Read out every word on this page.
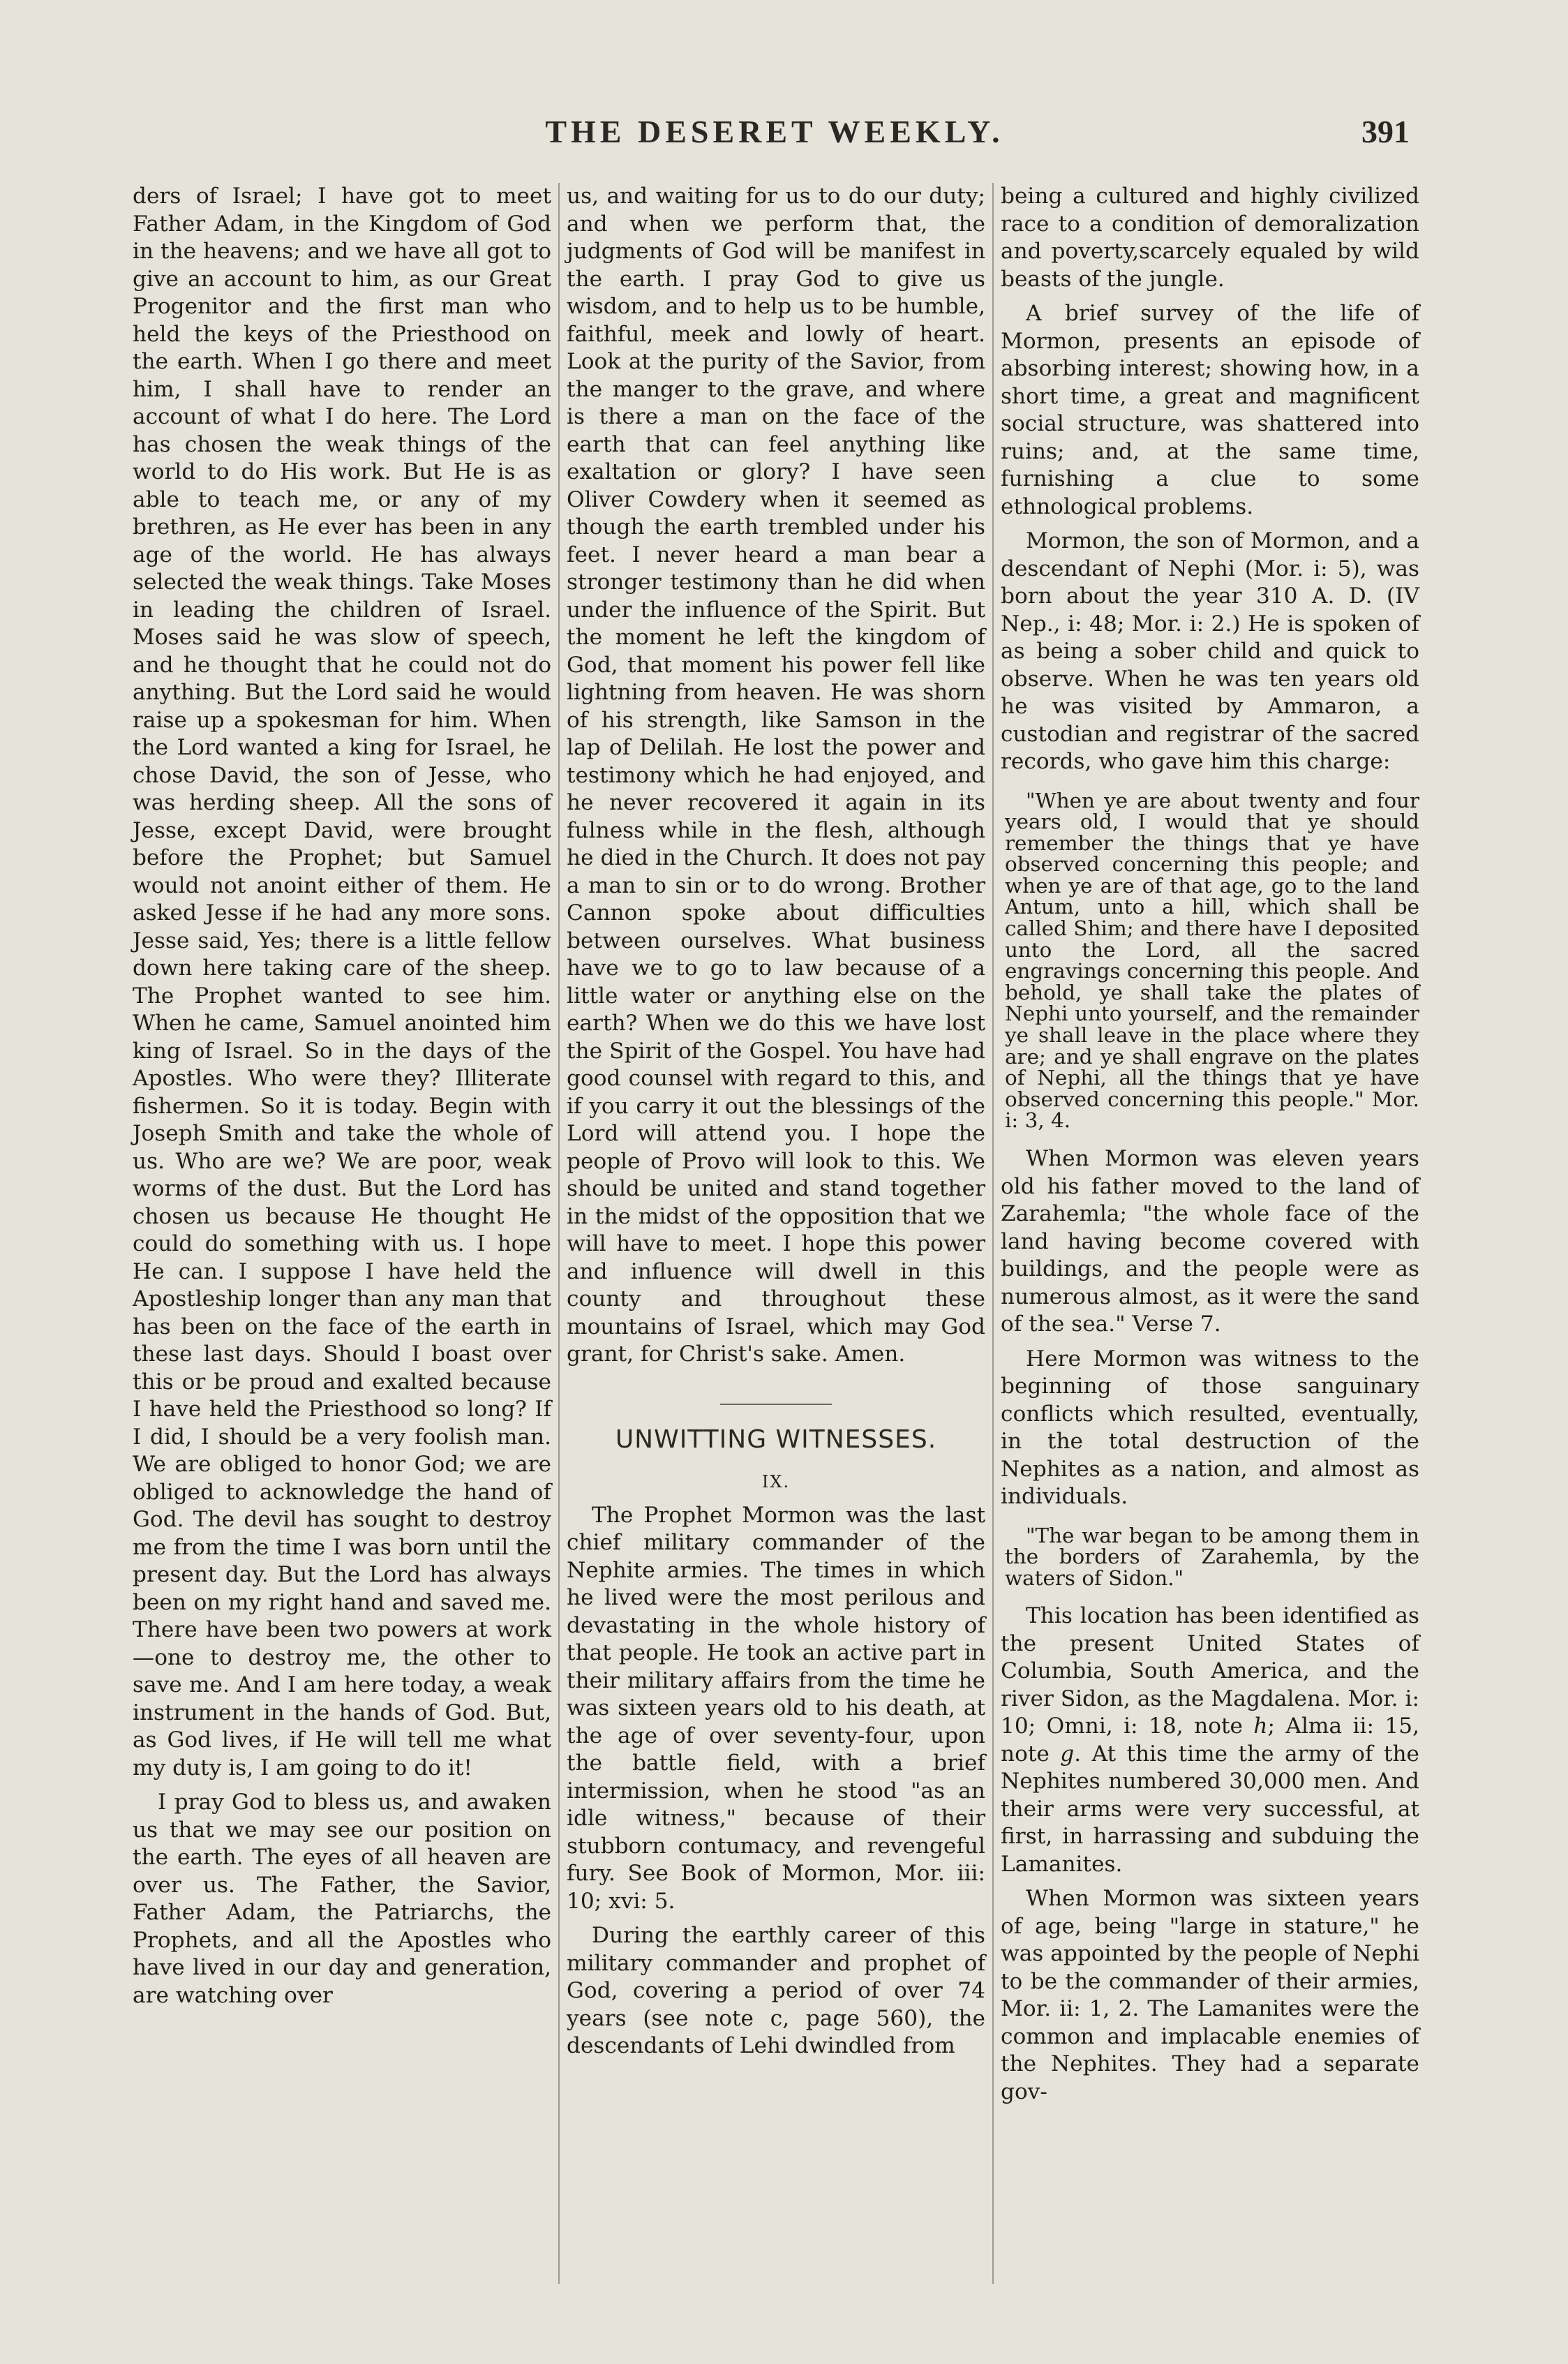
THE DESERET WEEKLY.	391

ders of Israel; I have got to meet Father Adam, in the Kingdom of God in the heavens; and we have all got to give an account to him, as our Great Progenitor and the first man who held the keys of the Priesthood on the earth. When I go there and meet him, I shall have to render an account of what I do here. The Lord has chosen the weak things of the world to do His work. But He is as able to teach me, or any of my brethren, as He ever has been in any age of the world. He has always selected the weak things. Take Moses in leading the children of Israel. Moses said he was slow of speech, and he thought that he could not do anything. But the Lord said he would raise up a spokesman for him. When the Lord wanted a king for Israel, he chose David, the son of Jesse, who was herding sheep. All the sons of Jesse, except David, were brought before the Prophet; but Samuel would not anoint either of them. He asked Jesse if he had any more sons. Jesse said, Yes; there is a little fellow down here taking care of the sheep. The Prophet wanted to see him. When he came, Samuel anointed him king of Israel. So in the days of the Apostles. Who were they? Illiterate fishermen. So it is today. Begin with Joseph Smith and take the whole of us. Who are we? We are poor, weak worms of the dust. But the Lord has chosen us because He thought He could do something with us. I hope He can. I suppose I have held the Apostleship longer than any man that has been on the face of the earth in these last days. Should I boast over this or be proud and exalted because I have held the Priesthood so long? If I did, I should be a very foolish man. We are obliged to honor God; we are obliged to acknowledge the hand of God. The devil has sought to destroy me from the time I was born until the present day. But the Lord has always been on my right hand and saved me. There have been two powers at work—one to destroy me, the other to save me. And I am here today, a weak instrument in the hands of God. But, as God lives, if He will tell me what my duty is, I am going to do it!

I pray God to bless us, and awaken us that we may see our position on the earth. The eyes of all heaven are over us. The Father, the Savior, Father Adam, the Patriarchs, the Prophets, and all the Apostles who have lived in our day and generation, are watching over

us, and waiting for us to do our duty; and when we perform that, the judgments of God will be manifest in the earth. I pray God to give us wisdom, and to help us to be humble, faithful, meek and lowly of heart. Look at the purity of the Savior, from the manger to the grave, and where is there a man on the face of the earth that can feel anything like exaltation or glory? I have seen Oliver Cowdery when it seemed as though the earth trembled under his feet. I never heard a man bear a stronger testimony than he did when under the influence of the Spirit. But the moment he left the kingdom of God, that moment his power fell like lightning from heaven. He was shorn of his strength, like Samson in the lap of Delilah. He lost the power and testimony which he had enjoyed, and he never recovered it again in its fulness while in the flesh, although he died in the Church. It does not pay a man to sin or to do wrong. Brother Cannon spoke about difficulties between ourselves. What business have we to go to law because of a little water or anything else on the earth? When we do this we have lost the Spirit of the Gospel. You have had good counsel with regard to this, and if you carry it out the blessings of the Lord will attend you. I hope the people of Provo will look to this. We should be united and stand together in the midst of the opposition that we will have to meet. I hope this power and influence will dwell in this county and throughout these mountains of Israel, which may God grant, for Christ's sake. Amen.

UNWITTING WITNESSES.
IX.

The Prophet Mormon was the last chief military commander of the Nephite armies. The times in which he lived were the most perilous and devastating in the whole history of that people. He took an active part in their military affairs from the time he was sixteen years old to his death, at the age of over seventy-four, upon the battle field, with a brief intermission, when he stood "as an idle witness," because of their stubborn contumacy, and revengeful fury. See Book of Mormon, Mor. iii: 10; xvi: 5.

During the earthly career of this military commander and prophet of God, covering a period of over 74 years (see note c, page 560), the descendants of Lehi dwindled from

being a cultured and highly civilized race to a condition of demoralization and poverty,scarcely equaled by wild beasts of the jungle.

A brief survey of the life of Mormon, presents an episode of absorbing interest; showing how, in a short time, a great and magnificent social structure, was shattered into ruins; and, at the same time, furnishing a clue to some ethnological problems.

Mormon, the son of Mormon, and a descendant of Nephi (Mor. i: 5), was born about the year 310 A. D. (IV Nep., i: 48; Mor. i: 2.) He is spoken of as being a sober child and quick to observe. When he was ten years old he was visited by Ammaron, a custodian and registrar of the sacred records, who gave him this charge:

"When ye are about twenty and four years old, I would that ye should remember the things that ye have observed concerning this people; and when ye are of that age, go to the land Antum, unto a hill, which shall be called Shim; and there have I deposited unto the Lord, all the sacred engravings concerning this people. And behold, ye shall take the plates of Nephi unto yourself, and the remainder ye shall leave in the place where they are; and ye shall engrave on the plates of Nephi, all the things that ye have observed concerning this people." Mor. i: 3, 4.

When Mormon was eleven years old his father moved to the land of Zarahemla; "the whole face of the land having become covered with buildings, and the people were as numerous almost, as it were the sand of the sea." Verse 7.

Here Mormon was witness to the beginning of those sanguinary conflicts which resulted, eventually, in the total destruction of the Nephites as a nation, and almost as individuals.

"The war began to be among them in the borders of Zarahemla, by the waters of Sidon."

This location has been identified as the present United States of Columbia, South America, and the river Sidon, as the Magdalena. Mor. i: 10; Omni, i: 18, note h; Alma ii: 15, note g. At this time the army of the Nephites numbered 30,000 men. And their arms were very successful, at first, in harrassing and subduing the Lamanites.

When Mormon was sixteen years of age, being "large in stature," he was appointed by the people of Nephi to be the commander of their armies, Mor. ii: 1, 2. The Lamanites were the common and implacable enemies of the Nephites. They had a separate gov-
